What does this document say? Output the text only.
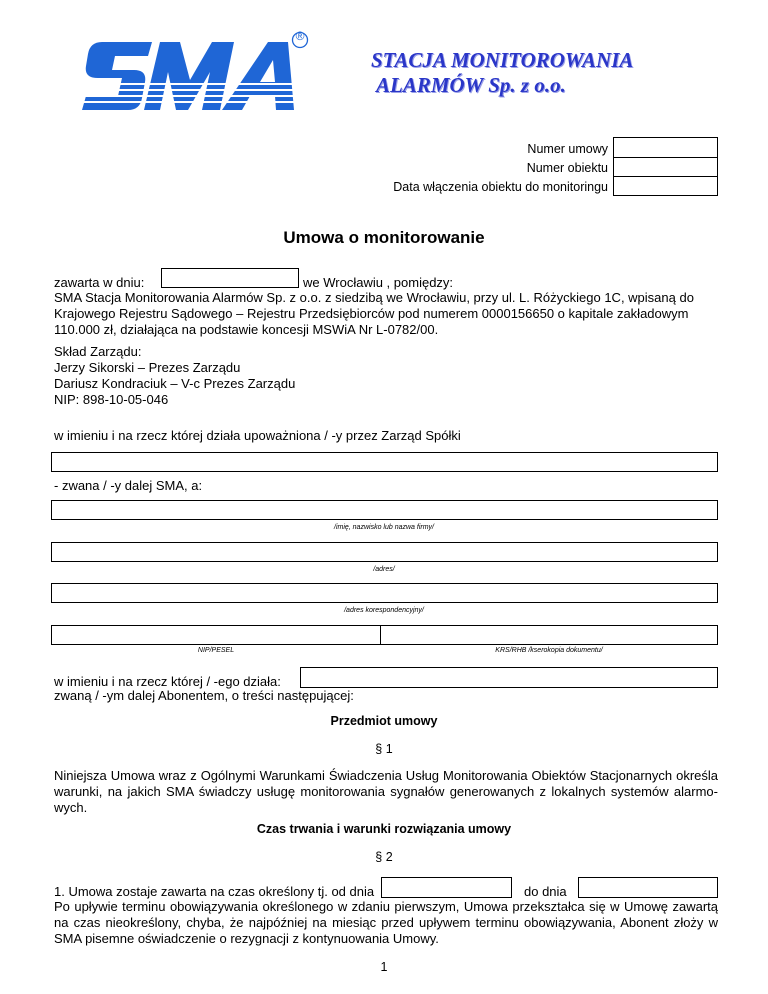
®
STACJA MONITOROWANIA
ALARMÓW Sp. z o.o.
Numer umowy
Numer obiektu
Data włączenia obiektu do monitoringu
Umowa o monitorowanie
zawarta w dniu:	we Wrocławiu , pomiędzy:
SMA Stacja Monitorowania Alarmów Sp. z o.o. z siedzibą we Wrocławiu, przy ul. L. Różyckiego 1C, wpisaną do
Krajowego Rejestru Sądowego – Rejestru Przedsiębiorców pod numerem 0000156650 o kapitale zakładowym
110.000 zł, działająca na podstawie koncesji MSWiA Nr L-0782/00.
Skład Zarządu:
Jerzy Sikorski – Prezes Zarządu
Dariusz Kondraciuk – V-c Prezes Zarządu
NIP: 898-10-05-046
w imieniu i na rzecz której działa upoważniona / -y przez Zarząd Spółki
- zwana / -y dalej SMA, a:
/imię, nazwisko lub nazwa firmy/
/adres/
/adres korespondencyjny/
NIP/PESEL	KRS/RHB /kserokopia dokumentu/
w imieniu i na rzecz której / -ego działa:
zwaną / -ym dalej Abonentem, o treści następującej:
Przedmiot umowy
§ 1
Niniejsza Umowa wraz z Ogólnymi Warunkami Świadczenia Usług Monitorowania Obiektów Stacjonarnych określa
warunki, na jakich SMA świadczy usługę monitorowania sygnałów generowanych z lokalnych systemów alarmo-
wych.
Czas trwania i warunki rozwiązania umowy
§ 2
1. Umowa zostaje zawarta na czas określony tj. od dnia	do dnia
Po upływie terminu obowiązywania określonego w zdaniu pierwszym, Umowa przekształca się w Umowę zawartą
na czas nieokreślony, chyba, że najpóźniej na miesiąc przed upływem terminu obowiązywania, Abonent złoży w
SMA pisemne oświadczenie o rezygnacji z kontynuowania Umowy.
1
